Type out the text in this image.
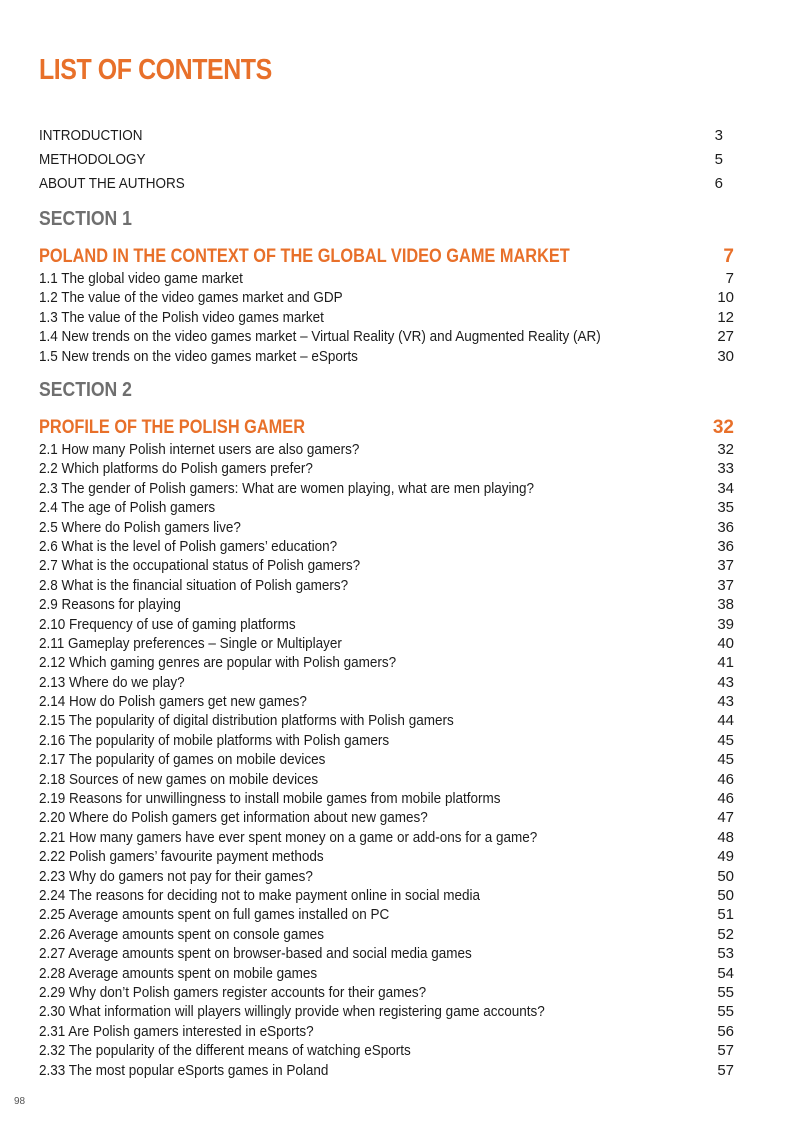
LIST OF CONTENTS
INTRODUCTION	3
METHODOLOGY	5
ABOUT THE AUTHORS	6
SECTION 1
POLAND IN THE CONTEXT OF THE GLOBAL VIDEO GAME MARKET	7
1.1 The global video game market	7
1.2 The value of the video games market and GDP	10
1.3 The value of the Polish video games market	12
1.4 New trends on the video games market – Virtual Reality (VR) and Augmented Reality (AR)	27
1.5 New trends on the video games market – eSports	30
SECTION 2
PROFILE OF THE POLISH GAMER	32
2.1 How many Polish internet users are also gamers?	32
2.2 Which platforms do Polish gamers prefer?	33
2.3 The gender of Polish gamers: What are women playing, what are men playing?	34
2.4 The age of Polish gamers	35
2.5 Where do Polish gamers live?	36
2.6 What is the level of Polish gamers’ education?	36
2.7 What is the occupational status of Polish gamers?	37
2.8 What is the financial situation of Polish gamers?	37
2.9 Reasons for playing	38
2.10 Frequency of use of gaming platforms	39
2.11 Gameplay preferences – Single or Multiplayer	40
2.12 Which gaming genres are popular with Polish gamers?	41
2.13 Where do we play?	43
2.14 How do Polish gamers get new games?	43
2.15 The popularity of digital distribution platforms with Polish gamers	44
2.16 The popularity of mobile platforms with Polish gamers	45
2.17 The popularity of games on mobile devices	45
2.18 Sources of new games on mobile devices	46
2.19 Reasons for unwillingness to install mobile games from mobile platforms	46
2.20 Where do Polish gamers get information about new games?	47
2.21 How many gamers have ever spent money on a game or add-ons for a game?	48
2.22 Polish gamers’ favourite payment methods	49
2.23 Why do gamers not pay for their games?	50
2.24 The reasons for deciding not to make payment online in social media	50
2.25 Average amounts spent on full games installed on PC	51
2.26 Average amounts spent on console games	52
2.27 Average amounts spent on browser-based and social media games	53
2.28 Average amounts spent on mobile games	54
2.29 Why don’t Polish gamers register accounts for their games?	55
2.30 What information will players willingly provide when registering game accounts?	55
2.31 Are Polish gamers interested in eSports?	56
2.32 The popularity of the different means of watching eSports	57
2.33 The most popular eSports games in Poland	57
98
